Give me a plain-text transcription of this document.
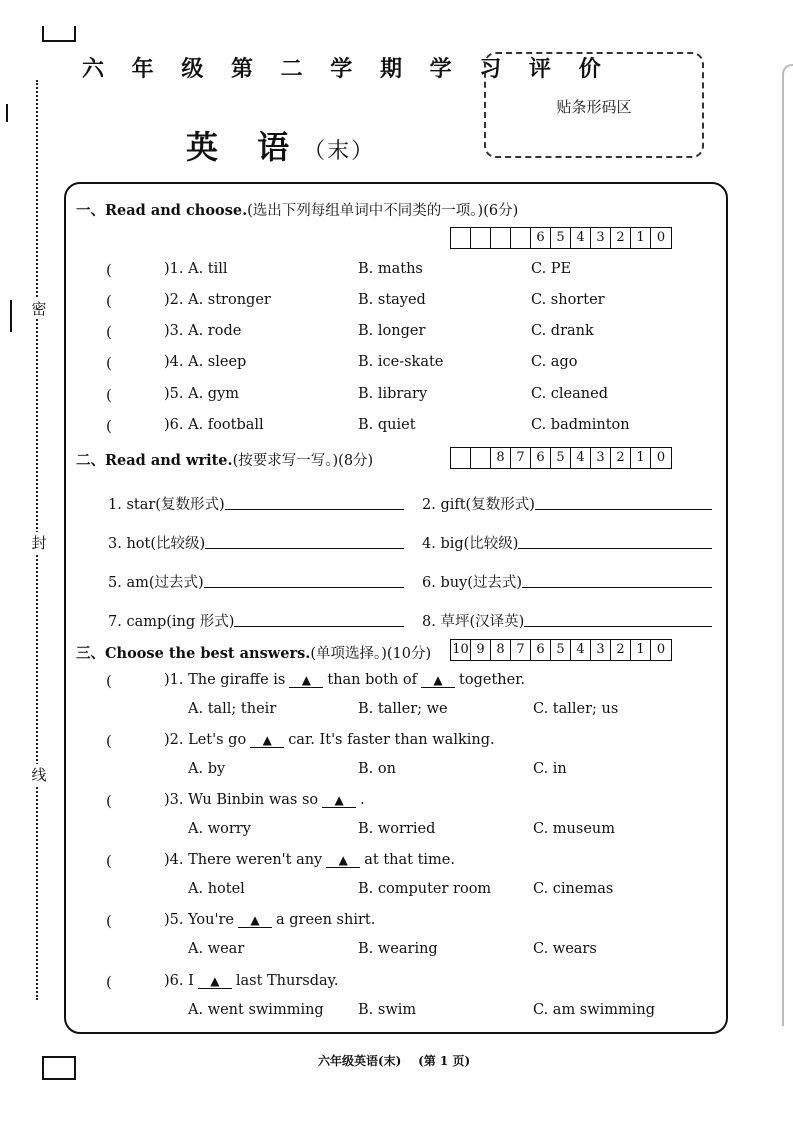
密
封
线
六 年 级 第 二 学 期 学 习 评 价
英 语（末）
贴条形码区
一、Read and choose.(选出下列每组单词中不同类的一项。)(6分)
6 5 4 3 2 1 0
(	)1. A. till	B. maths	C. PE
(	)2. A. stronger	B. stayed	C. shorter
(	)3. A. rode	B. longer	C. drank
(	)4. A. sleep	B. ice-skate	C. ago
(	)5. A. gym	B. library	C. cleaned
(	)6. A. football	B. quiet	C. badminton
二、Read and write.(按要求写一写。)(8分)	8 7 6 5 4 3 2 1 0
1. star(复数形式)	2. gift(复数形式)
3. hot(比较级)	4. big(比较级)
5. am(过去式)	6. buy(过去式)
7. camp(ing 形式)	8. 草坪(汉译英)
三、Choose the best answers.(单项选择。)(10分) 10 9 8 7 6 5 4 3 2 1 0
(	)1. The giraffe is ▲ than both of ▲ together.
A. tall; their	B. taller; we	C. taller; us
(	)2. Let's go ▲ car. It's faster than walking.
A. by	B. on	C. in
(	)3. Wu Binbin was so ▲ .
A. worry	B. worried	C. museum
(	)4. There weren't any ▲ at that time.
A. hotel	B. computer room	C. cinemas
(	)5. You're ▲ a green shirt.
A. wear	B. wearing	C. wears
(	)6. I ▲ last Thursday.
A. went swimming B. swim	C. am swimming
六年级英语(末) (第 1 页)
